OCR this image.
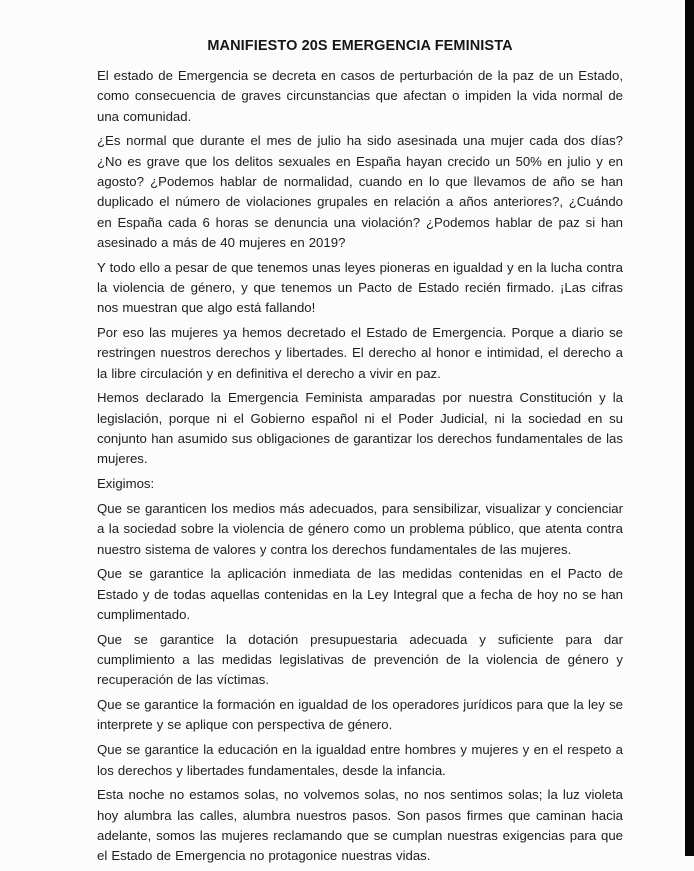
MANIFIESTO 20S EMERGENCIA FEMINISTA

El estado de Emergencia se decreta en casos de perturbación de la paz de un Estado, como consecuencia de graves circunstancias que afectan o impiden la vida normal de una comunidad.

¿Es normal que durante el mes de julio ha sido asesinada una mujer cada dos días? ¿No es grave que los delitos sexuales en España hayan crecido un 50% en julio y en agosto? ¿Podemos hablar de normalidad, cuando en lo que llevamos de año se han duplicado el número de violaciones grupales en relación a años anteriores?, ¿Cuándo en España cada 6 horas se denuncia una violación? ¿Podemos hablar de paz si han asesinado a más de 40 mujeres en 2019?

Y todo ello a pesar de que tenemos unas leyes pioneras en igualdad y en la lucha contra la violencia de género, y que tenemos un Pacto de Estado recién firmado. ¡Las cifras nos muestran que algo está fallando!

Por eso las mujeres ya hemos decretado el Estado de Emergencia. Porque a diario se restringen nuestros derechos y libertades. El derecho al honor e intimidad, el derecho a la libre circulación y en definitiva el derecho a vivir en paz.

Hemos declarado la Emergencia Feminista amparadas por nuestra Constitución y la legislación, porque ni el Gobierno español ni el Poder Judicial, ni la sociedad en su conjunto han asumido sus obligaciones de garantizar los derechos fundamentales de las mujeres.

Exigimos:

Que se garanticen los medios más adecuados, para sensibilizar, visualizar y concienciar a la sociedad sobre la violencia de género como un problema público, que atenta contra nuestro sistema de valores y contra los derechos fundamentales de las mujeres.

Que se garantice la aplicación inmediata de las medidas contenidas en el Pacto de Estado y de todas aquellas contenidas en la Ley Integral que a fecha de hoy no se han cumplimentado.

Que se garantice la dotación presupuestaria adecuada y suficiente para dar cumplimiento a las medidas legislativas de prevención de la violencia de género y recuperación de las víctimas.

Que se garantice la formación en igualdad de los operadores jurídicos para que la ley se interprete y se aplique con perspectiva de género.

Que se garantice la educación en la igualdad entre hombres y mujeres y en el respeto a los derechos y libertades fundamentales, desde la infancia.

Esta noche no estamos solas, no volvemos solas, no nos sentimos solas; la luz violeta hoy alumbra las calles, alumbra nuestros pasos. Son pasos firmes que caminan hacia adelante, somos las mujeres reclamando que se cumplan nuestras exigencias para que el Estado de Emergencia no protagonice nuestras vidas.
